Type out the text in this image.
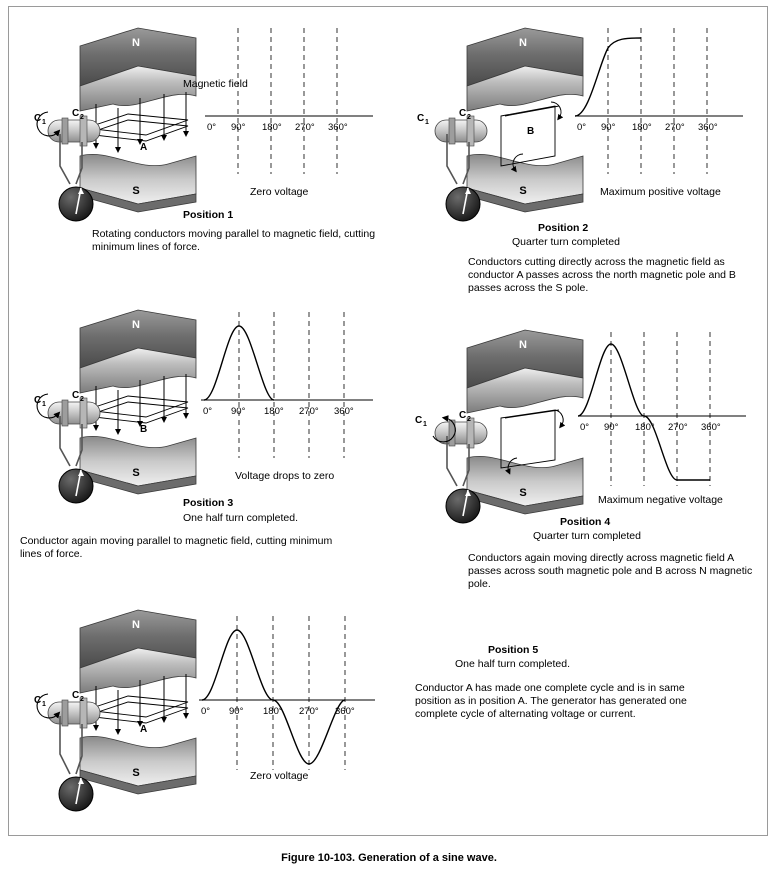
N
S
C 1
C 2
A
Magnetic field
0° 90° 180° 270° 360°
Zero voltage
Position 1
Rotating conductors moving parallel to magnetic field, cutting minimum lines of force.
N
S
C 1
C 2
B	0° 90° 180° 270° 360°
Maximum positive voltage
Position 2
Quarter turn completed
Conductors cutting directly across the magnetic field as conductor A passes across the north magnetic pole and B passes across the S pole.
N
S
C 1
C 2
B
0° 90° 180° 270° 360°
Voltage drops to zero
Position 3
One half turn completed.
Conductor again moving parallel to magnetic field, cutting minimum lines of force.
N
S
C 1
C 2
0° 90° 180° 270° 360°
Maximum negative voltage
Position 4
Quarter turn completed
Conductors again moving directly across magnetic field A passes across south magnetic pole and B across N magnetic pole.
N
S
C 1
C 2
A
0° 90° 180° 270° 360°
Zero voltage
Position 5
One half turn completed.
Conductor A has made one complete cycle and is in same position as in position A. The generator has generated one complete cycle of alternating voltage or current.
Figure 10-103. Generation of a sine wave.
